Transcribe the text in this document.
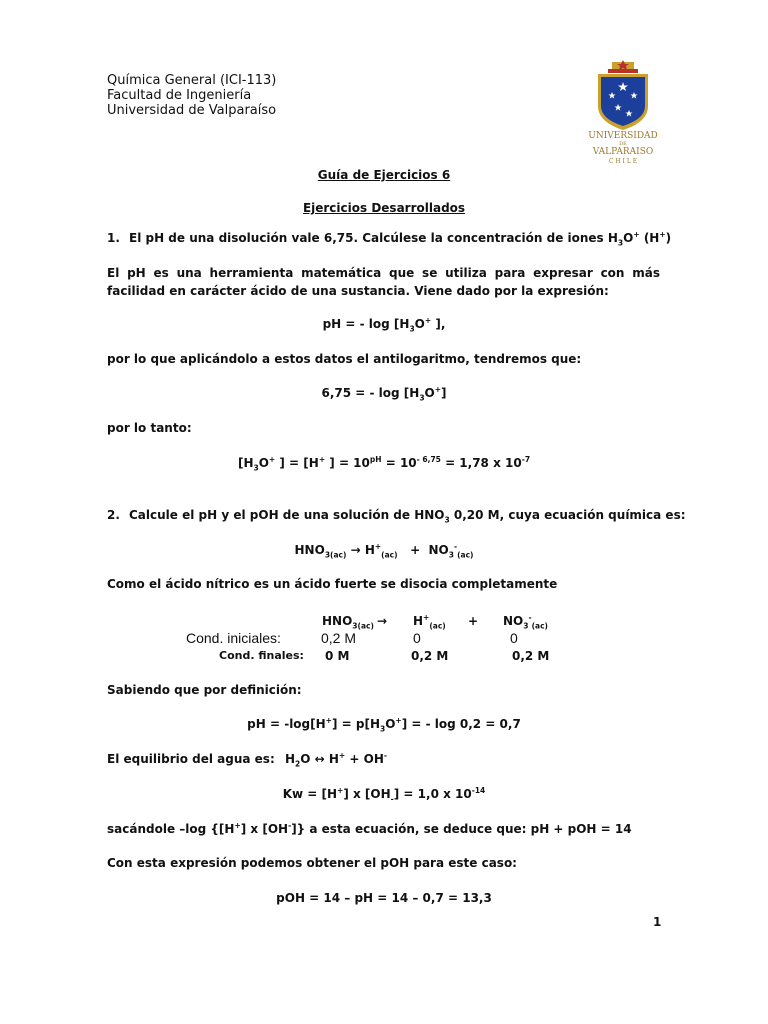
Química General (ICI-113)
Facultad de Ingeniería
Universidad de Valparaíso
UNIVERSIDAD
DE
VALPARAISO
C H I L E
Guía de Ejercicios 6
Ejercicios Desarrollados
1. El pH de una disolución vale 6,75. Calcúlese la concentración de iones $H_3O^+$ (H+)
El pH es una herramienta matemática que se utiliza para expresar con más facilidad en carácter ácido de una sustancia. Viene dado por la expresión:
pH = - $\log [H_3O^+$ ],
por lo que aplicándolo a estos datos el antilogaritmo, tendremos que:
6,75 = - $\log [H_3O^+]$
por lo tanto:
[$H_3O^+$ ] = [H+ ] = $10^{pH} = 10^{- 6,75} = 1,78$ x $10^{-7}$
2. Calcule el pH y el pOH de una solución de $HNO_3$ 0,20 M, cuya ecuación química es:
$HNO_{3(ac)} \to H^+_{(ac)} + NO_3^-_{(ac)}$
Como el ácido nítrico es un ácido fuerte se disocia completamente
$HNO_{3(ac)} \to H^+_{(ac)} + NO_3^-_{(ac)}$
Cond. iniciales:	0,2 M	0	0
Cond. finales: 0 M	0,2 M	0,2 M
Sabiendo que por definición:
pH = $-\log[H^+] = p[H_3O^+]$ = - log 0,2 = 0,7
El equilibrio del agua es: $H_2O$ ↔ H+ + OH-
Kw = [H+] x $[OH_-] = 1,0$ x $10^{-14}$
sacándole –log {[H+] x [OH-]} a esta ecuación, se deduce que: pH + pOH = 14
Con esta expresión podemos obtener el pOH para este caso:
pOH = 14 – pH = 14 – 0,7 = 13,3
1
